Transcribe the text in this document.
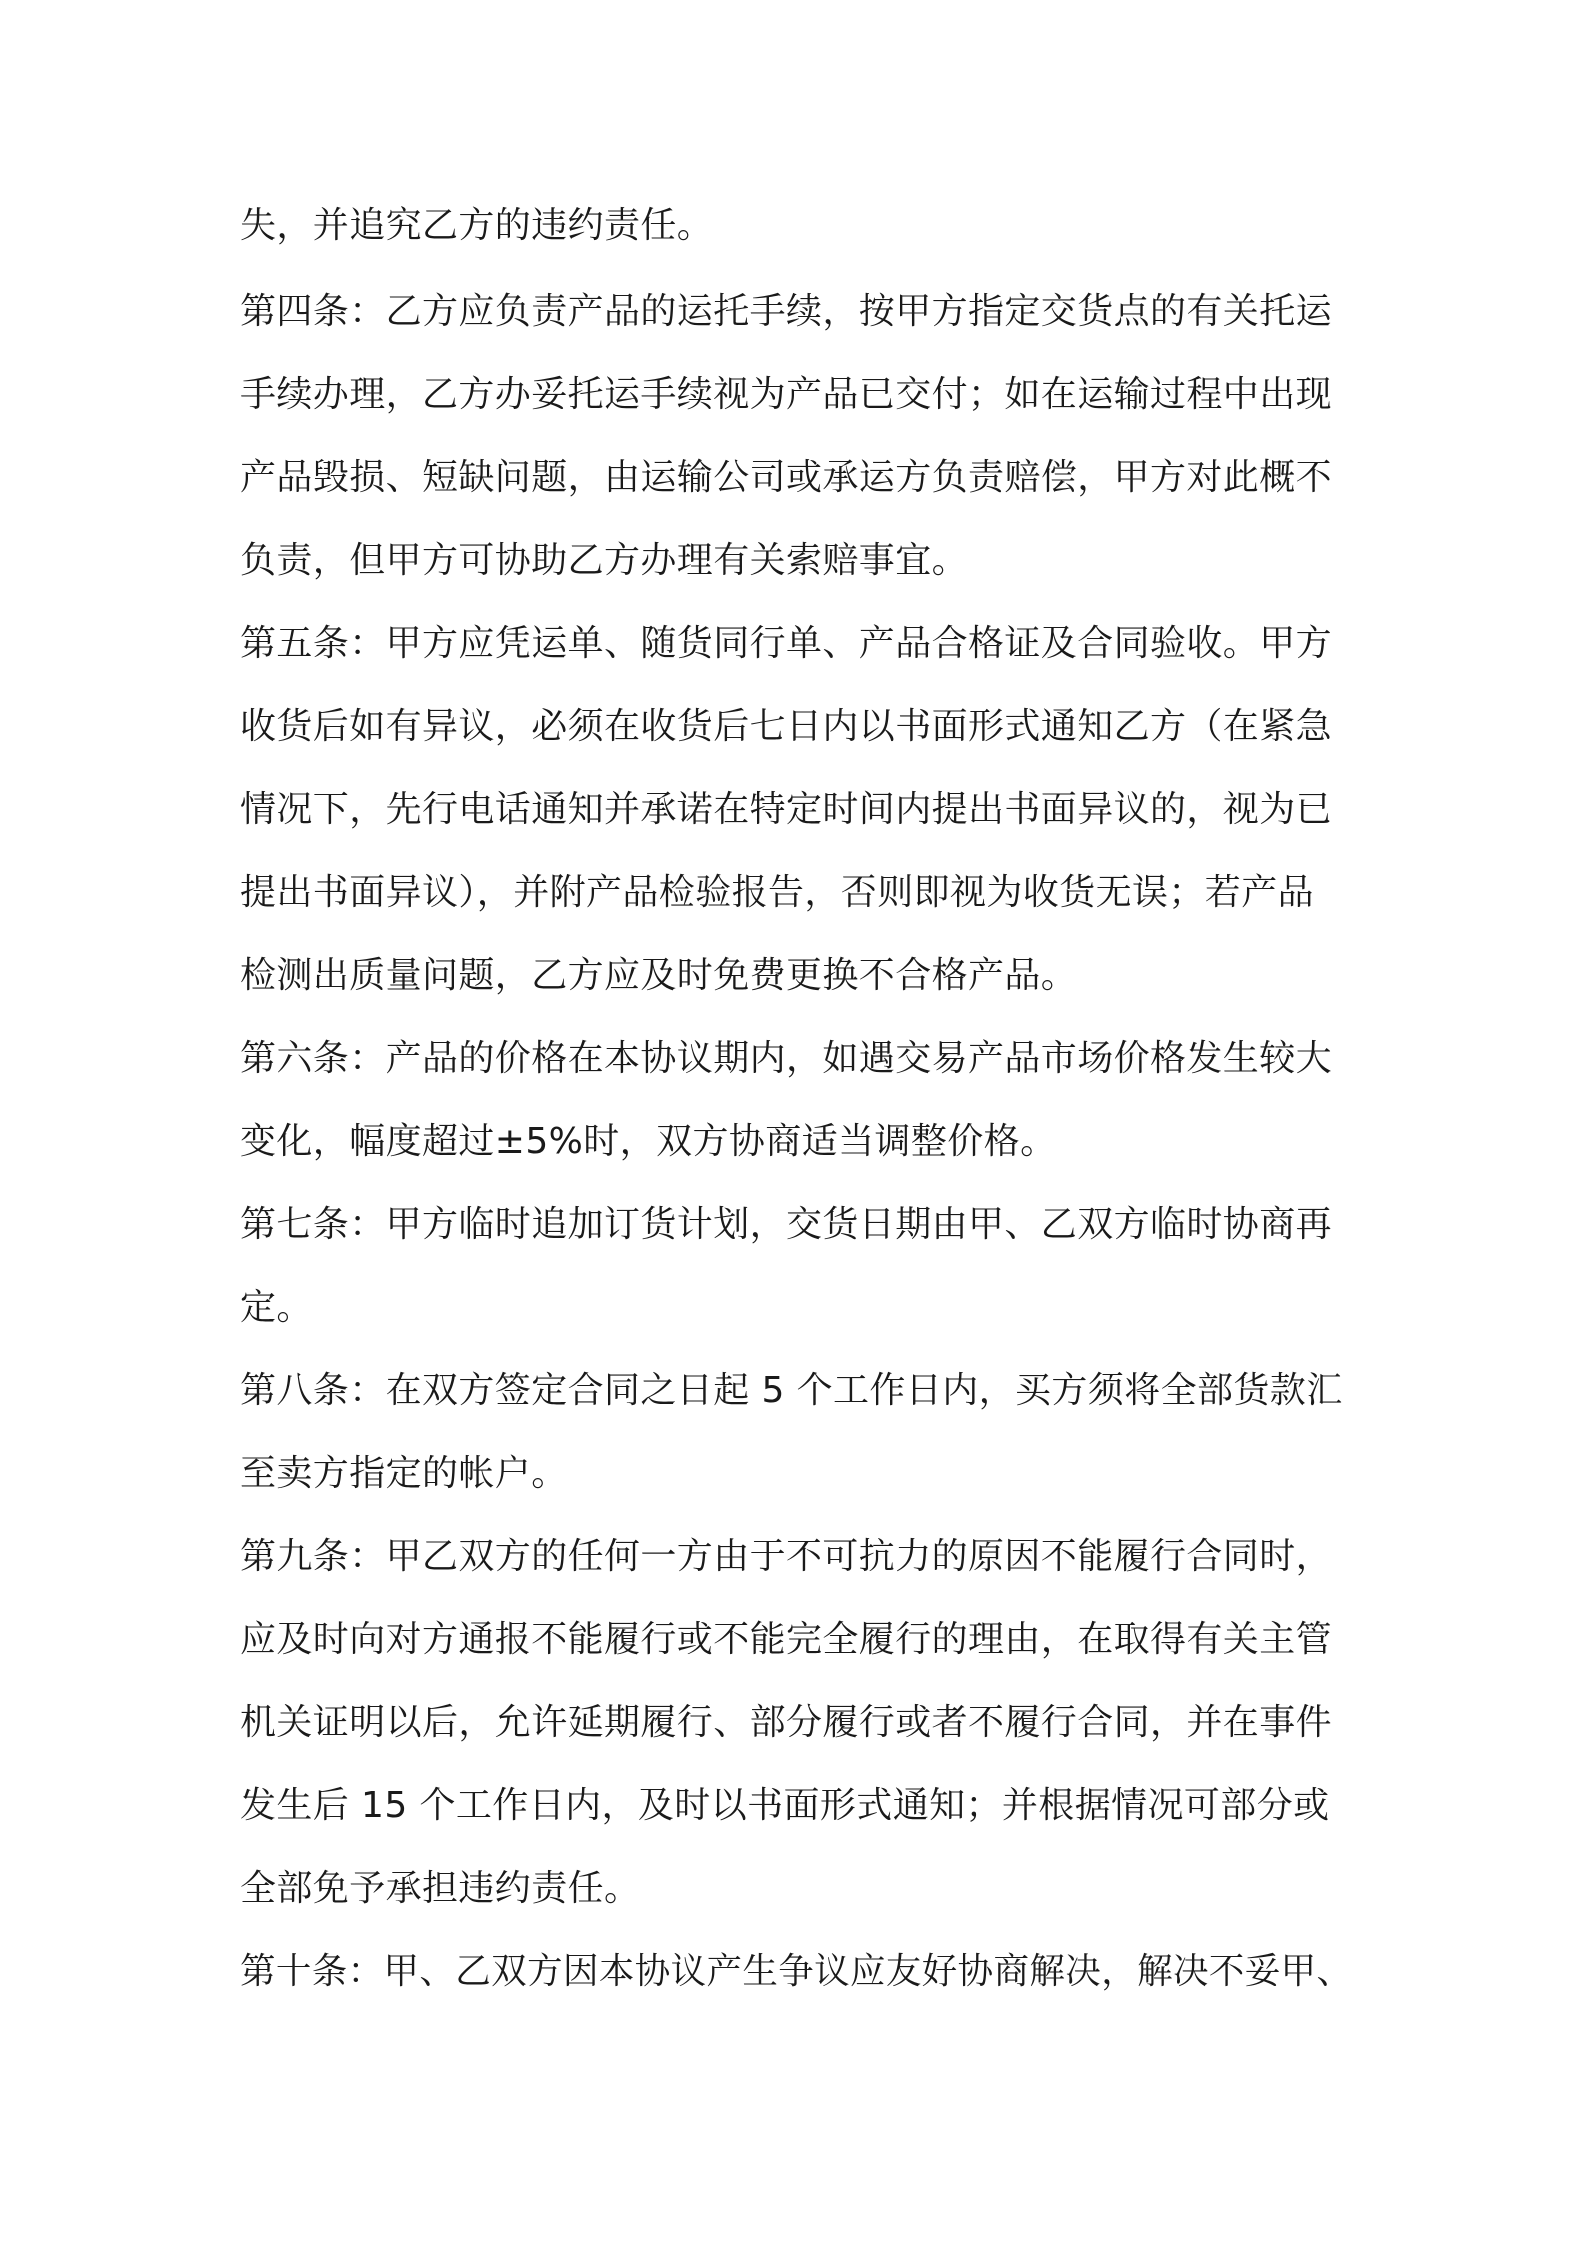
失，并追究乙方的违约责任。
第四条：乙方应负责产品的运托手续，按甲方指定交货点的有关托运
手续办理，乙方办妥托运手续视为产品已交付；如在运输过程中出现
产品毁损、短缺问题，由运输公司或承运方负责赔偿，甲方对此概不
负责，但甲方可协助乙方办理有关索赔事宜。
第五条：甲方应凭运单、随货同行单、产品合格证及合同验收。甲方
收货后如有异议，必须在收货后七日内以书面形式通知乙方（在紧急
情况下，先行电话通知并承诺在特定时间内提出书面异议的，视为已
提出书面异议），并附产品检验报告，否则即视为收货无误；若产品
检测出质量问题，乙方应及时免费更换不合格产品。
第六条：产品的价格在本协议期内，如遇交易产品市场价格发生较大
变化，幅度超过±5%时，双方协商适当调整价格。
第七条：甲方临时追加订货计划，交货日期由甲、乙双方临时协商再
定。
第八条：在双方签定合同之日起 5 个工作日内，买方须将全部货款汇
至卖方指定的帐户。
第九条：甲乙双方的任何一方由于不可抗力的原因不能履行合同时，
应及时向对方通报不能履行或不能完全履行的理由，在取得有关主管
机关证明以后，允许延期履行、部分履行或者不履行合同，并在事件
发生后 15 个工作日内，及时以书面形式通知；并根据情况可部分或
全部免予承担违约责任。
第十条：甲、乙双方因本协议产生争议应友好协商解决，解决不妥甲、
